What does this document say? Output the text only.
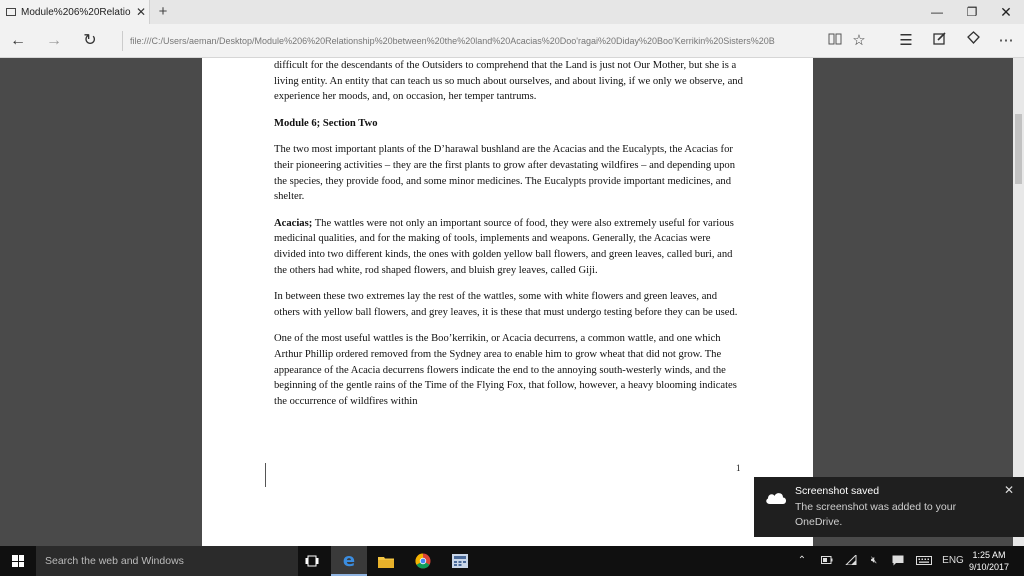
Module%206%20Relatio ✕ +	—	❐	✕
← →	↻	file:///C:/Users/aeman/Desktop/Module%206%20Relationship%20between%20the%20land%20Acacias%20Doo'ragai%20Diday%20Boo'Kerrikin%20Sisters%20B	☆	☰	⋯

difficult for the descendants of the Outsiders to comprehend that the Land is just not Our Mother, but she is a living entity. An entity that can teach us so much about ourselves, and about living, if we only we observe, and experience her moods, and, on occasion, her temper tantrums.

Module 6; Section Two

The two most important plants of the D’harawal bushland are the Acacias and the Eucalypts, the Acacias for their pioneering activities – they are the first plants to grow after devastating wildfires – and depending upon the species, they provide food, and some minor medicines. The Eucalypts provide important medicines, and shelter.

Acacias; The wattles were not only an important source of food, they were also extremely useful for various medicinal qualities, and for the making of tools, implements and weapons. Generally, the Acacias were divided into two different kinds, the ones with golden yellow ball flowers, and green leaves, called buri, and the others had white, rod shaped flowers, and bluish grey leaves, called Giji.

In between these two extremes lay the rest of the wattles, some with white flowers and green leaves, and others with yellow ball flowers, and grey leaves, it is these that must undergo testing before they can be used.

One of the most useful wattles is the Boo’kerrikin, or Acacia decurrens, a common wattle, and one which Arthur Phillip ordered removed from the Sydney area to enable him to grow wheat that did not grow. The appearance of the Acacia decurrens flowers indicate the end to the annoying south-westerly winds, and the beginning of the gentle rains of the Time of the Flying Fox, that follow, however, a heavy blooming indicates the occurrence of wildfires within

1
Screenshot saved
The screenshot was added to your OneDrive.
✕
Search the web and Windows	e	⌃	🔇︎	ENG 1:25 AM
9/10/2017
